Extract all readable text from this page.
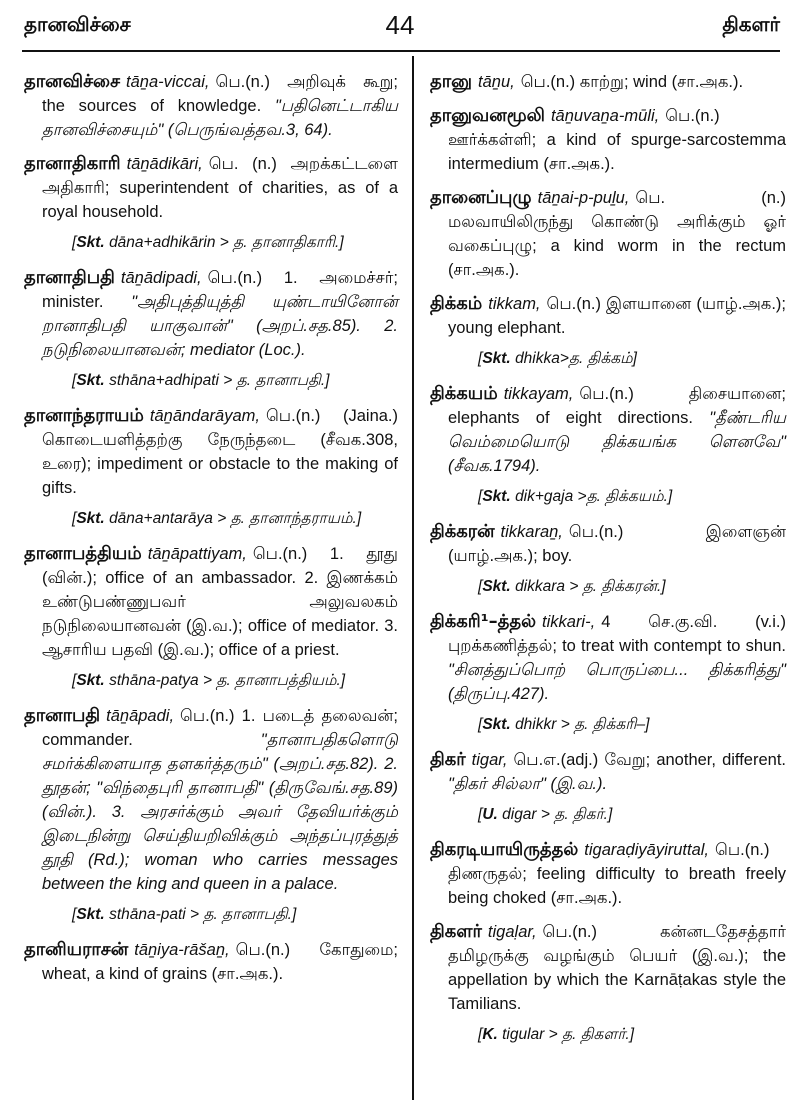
தானவிச்சை	44	திகளர்

தானவிச்சை tāṉa-viccai, பெ.(n.) அறிவுக் கூறு; the sources of knowledge. "பதினெட்டாகிய தானவிச்சையும்" (பெருங்வத்தவ.3, 64).

தானாதிகாரி tāṉādikāri, பெ. (n.) அறக்கட்டளை அதிகாரி; superintendent of charities, as of a royal household.

[Skt. dāna+adhikārin > த. தானாதிகாரி.]

தானாதிபதி tāṉādipadi, பெ.(n.) 1. அமைச்சர்; minister. "அதிபுத்தியுத்தி யுண்டாயினோன் றானாதிபதி யாகுவான்" (அறப்.சத.85). 2. நடுநிலையானவன்; mediator (Loc.).

[Skt. sthāna+adhipati > த. தானாபதி.]

தானாந்தராயம் tāṉāndarāyam, பெ.(n.) (Jaina.) கொடையளித்தற்கு நேருந்தடை (சீவக.308, உரை); impediment or obstacle to the making of gifts.

[Skt. dāna+antarāya > த. தானாந்தராயம்.]

தானாபத்தியம் tāṉāpattiyam, பெ.(n.) 1. தூது (வின்.); office of an ambassador. 2. இணக்கம் உண்டுபண்ணுபவர் அலுவலகம் நடுநிலையானவன் (இ.வ.); office of mediator. 3. ஆசாரிய பதவி (இ.வ.); office of a priest.

[Skt. sthāna-patya > த. தானாபத்தியம்.]

தானாபதி tāṉāpadi, பெ.(n.) 1. படைத் தலைவன்; commander. "தானாபதிகளொடு சமர்க்கிளையாத தளகர்த்தரும்" (அறப்.சத.82). 2. தூதன்; "விந்தைபுரி தானாபதி" (திருவேங்.சத.89) (வின்.). 3. அரசர்க்கும் அவர் தேவியர்க்கும் இடைநின்று செய்தியறிவிக்கும் அந்தப்புரத்துத் தூதி (Rd.); woman who carries messages between the king and queen in a palace.

[Skt. sthāna-pati > த. தானாபதி.]

தானியராசன் tāṉiya-rāšaṉ, பெ.(n.) கோதுமை; wheat, a kind of grains (சா.அக.).

தானு tāṉu, பெ.(n.) காற்று; wind (சா.அக.).

தானுவனமூலி tāṉuvaṉa-mūli, பெ.(n.) ஊர்க்கள்ளி; a kind of spurge-sarcostemma intermedium (சா.அக.).

தானைப்புழு tāṉai-p-puḻu, பெ. (n.) மலவாயிலிருந்து கொண்டு அரிக்கும் ஓர் வகைப்புழு; a kind worm in the rectum (சா.அக.).

திக்கம் tikkam, பெ.(n.) இளயானை (யாழ்.அக.); young elephant.

[Skt. dhikka>த. திக்கம்]

திக்கயம் tikkayam, பெ.(n.) திசையானை; elephants of eight directions. "தீண்டரிய வெம்மையொடு திக்கயங்க ளெனவே" (சீவக.1794).

[Skt. dik+gaja >த. திக்கயம்.]

திக்கரன் tikkaraṉ, பெ.(n.) இளைஞன் (யாழ்.அக.); boy.

[Skt. dikkara > த. திக்கரன்.]

திக்கரி¹–த்தல் tikkari-, 4 செ.கு.வி. (v.i.) புறக்கணித்தல்; to treat with contempt to shun. "சினத்துப்பொற் பொருப்பை... திக்கரித்து" (திருப்பு.427).

[Skt. dhikkr > த. திக்கரி–]

திகர் tigar, பெ.எ.(adj.) வேறு; another, different. "திகர் சில்லா" (இ.வ.).

[U. digar > த. திகர்.]

திகரடியாயிருத்தல் tigaraḍiyāyiruttal, பெ.(n.) திணருதல்; feeling difficulty to breath freely being choked (சா.அக.).

திகளர் tigaḷar, பெ.(n.) கன்னடதேசத்தார் தமிழருக்கு வழங்கும் பெயர் (இ.வ.); the appellation by which the Karnāṭakas style the Tamilians.

[K. tigular > த. திகளர்.]
